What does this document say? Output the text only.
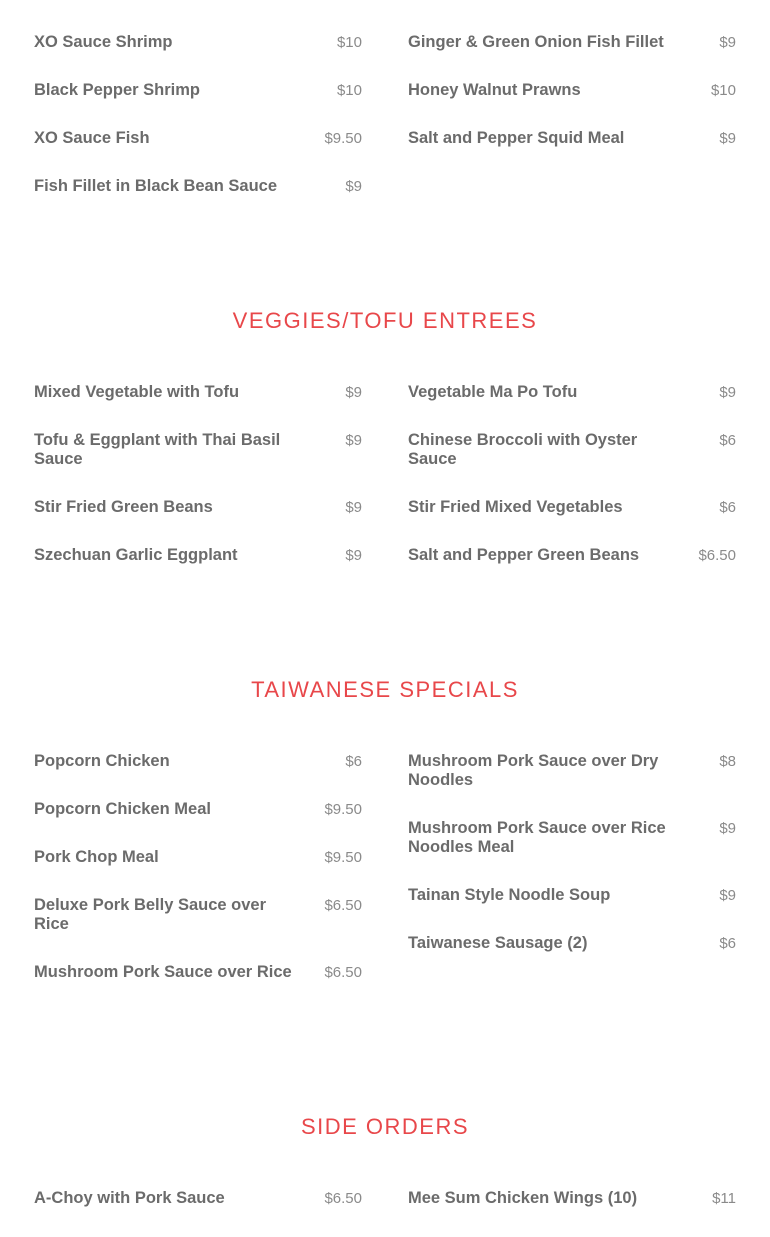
XO Sauce Shrimp	$10
Black Pepper Shrimp	$10
XO Sauce Fish	$9.50
Fish Fillet in Black Bean Sauce	$9
Ginger & Green Onion Fish Fillet	$9
Honey Walnut Prawns	$10
Salt and Pepper Squid Meal	$9
VEGGIES/TOFU ENTREES
Mixed Vegetable with Tofu	$9
Tofu & Eggplant with Thai Basil Sauce
$9
Stir Fried Green Beans	$9
Szechuan Garlic Eggplant	$9
Vegetable Ma Po Tofu	$9
Chinese Broccoli with Oyster Sauce
$6
Stir Fried Mixed Vegetables	$6
Salt and Pepper Green Beans	$6.50
TAIWANESE SPECIALS
Popcorn Chicken	$6
Popcorn Chicken Meal	$9.50
Pork Chop Meal	$9.50
Deluxe Pork Belly Sauce over Rice
$6.50
Mushroom Pork Sauce over Rice	$6.50
Mushroom Pork Sauce over Dry Noodles
$8
Mushroom Pork Sauce over Rice Noodles Meal
$9
Tainan Style Noodle Soup	$9
Taiwanese Sausage (2)	$6
SIDE ORDERS
A-Choy with Pork Sauce	$6.50	Mee Sum Chicken Wings (10)	$11
